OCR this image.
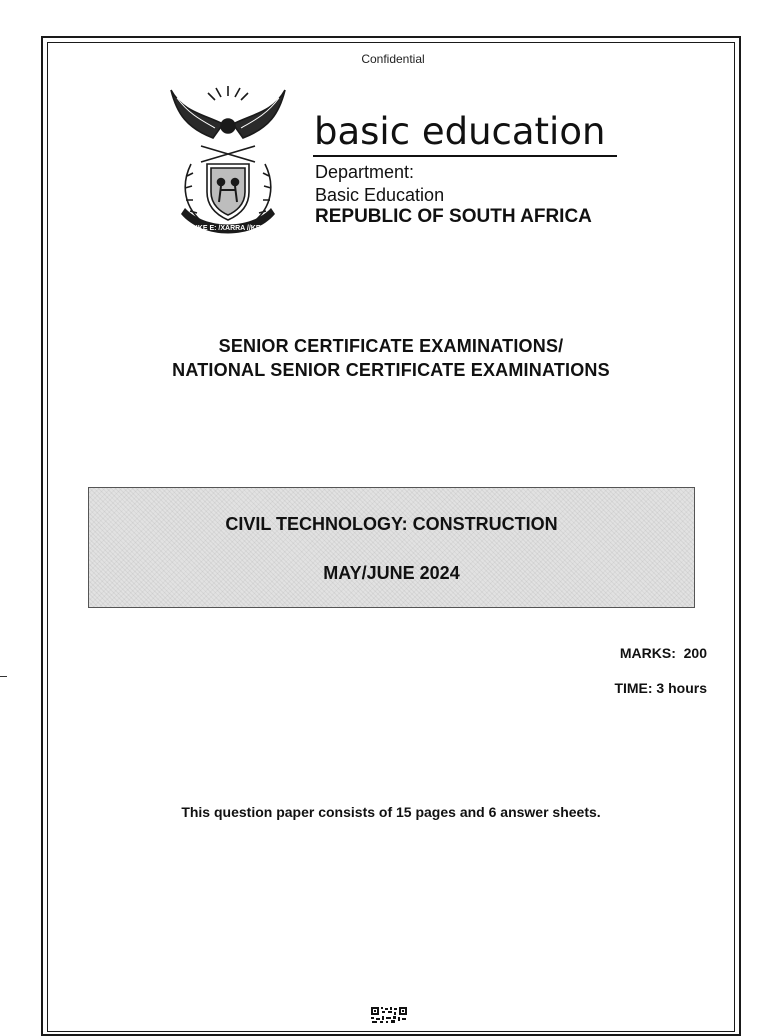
Confidential
!KE E: /XARRA //KE
basic education
Department:
Basic Education
REPUBLIC OF SOUTH AFRICA
SENIOR CERTIFICATE EXAMINATIONS/
NATIONAL SENIOR CERTIFICATE EXAMINATIONS
CIVIL TECHNOLOGY: CONSTRUCTION
MAY/JUNE 2024
MARKS:  200
TIME: 3 hours
This question paper consists of 15 pages and 6 answer sheets.
